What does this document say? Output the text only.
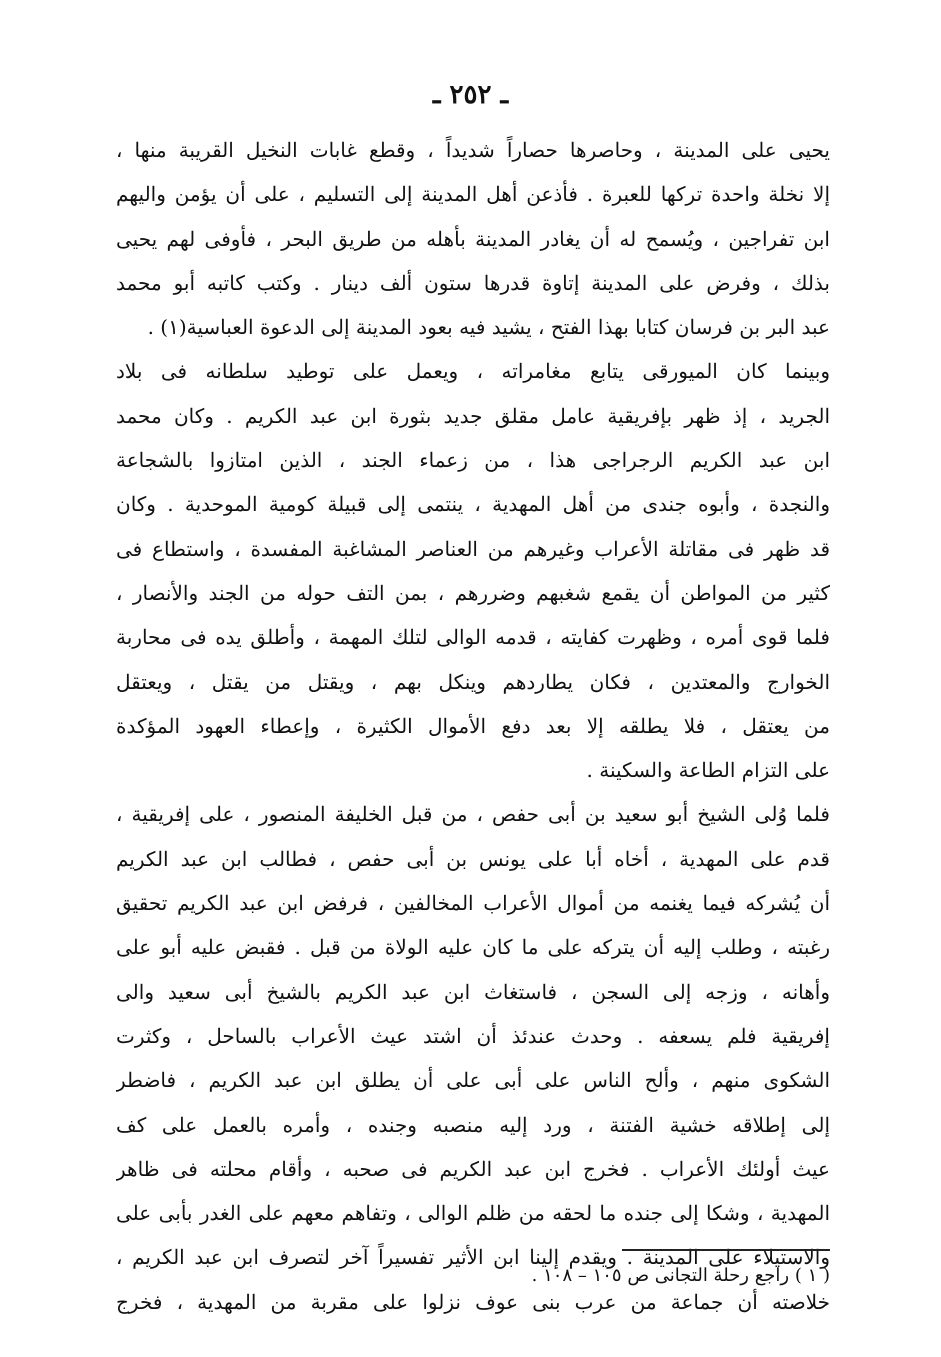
ـ ٢٥٢ ـ
يحيى على المدينة ، وحاصرها حصاراً شديداً ، وقطع غابات النخيل القريبة منها ،
إلا نخلة واحدة تركها للعبرة . فأذعن أهل المدينة إلى التسليم ، على أن يؤمن واليهم
ابن تفراجين ، ويُسمح له أن يغادر المدينة بأهله من طريق البحر ، فأوفى لهم يحيى
بذلك ، وفرض على المدينة إتاوة قدرها ستون ألف دينار . وكتب كاتبه أبو محمد
عبد البر بن فرسان كتابا بهذا الفتح ، يشيد فيه بعود المدينة إلى الدعوة العباسية(١) .
وبينما كان الميورقى يتابع مغامراته ، ويعمل على توطيد سلطانه فى بلاد
الجريد ، إذ ظهر بإفريقية عامل مقلق جديد بثورة ابن عبد الكريم . وكان محمد
ابن عبد الكريم الرجراجى هذا ، من زعماء الجند ، الذين امتازوا بالشجاعة
والنجدة ، وأبوه جندى من أهل المهدية ، ينتمى إلى قبيلة كومية الموحدية . وكان
قد ظهر فى مقاتلة الأعراب وغيرهم من العناصر المشاغبة المفسدة ، واستطاع فى
كثير من المواطن أن يقمع شغبهم وضررهم ، بمن التف حوله من الجند والأنصار ،
فلما قوى أمره ، وظهرت كفايته ، قدمه الوالى لتلك المهمة ، وأطلق يده فى محاربة
الخوارج والمعتدين ، فكان يطاردهم وينكل بهم ، ويقتل من يقتل ، ويعتقل
من يعتقل ، فلا يطلقه إلا بعد دفع الأموال الكثيرة ، وإعطاء العهود المؤكدة
على التزام الطاعة والسكينة .
فلما وُلى الشيخ أبو سعيد بن أبى حفص ، من قبل الخليفة المنصور ، على إفريقية ،
قدم على المهدية ، أخاه أبا على يونس بن أبى حفص ، فطالب ابن عبد الكريم
أن يُشركه فيما يغنمه من أموال الأعراب المخالفين ، فرفض ابن عبد الكريم تحقيق
رغبته ، وطلب إليه أن يتركه على ما كان عليه الولاة من قبل . فقبض عليه أبو على
وأهانه ، وزجه إلى السجن ، فاستغاث ابن عبد الكريم بالشيخ أبى سعيد والى
إفريقية فلم يسعفه . وحدث عندئذ أن اشتد عيث الأعراب بالساحل ، وكثرت
الشكوى منهم ، وألح الناس على أبى على أن يطلق ابن عبد الكريم ، فاضطر
إلى إطلاقه خشية الفتنة ، ورد إليه منصبه وجنده ، وأمره بالعمل على كف
عيث أولئك الأعراب . فخرج ابن عبد الكريم فى صحبه ، وأقام محلته فى ظاهر
المهدية ، وشكا إلى جنده ما لحقه من ظلم الوالى ، وتفاهم معهم على الغدر بأبى على
والاستيلاء على المدينة . ويقدم إلينا ابن الأثير تفسيراً آخر لتصرف ابن عبد الكريم ،
خلاصته أن جماعة من عرب بنى عوف نزلوا على مقربة من المهدية ، فخرج
( ١ ) راجع رحلة التجانى ص ١٠٥ – ١٠٨ .
